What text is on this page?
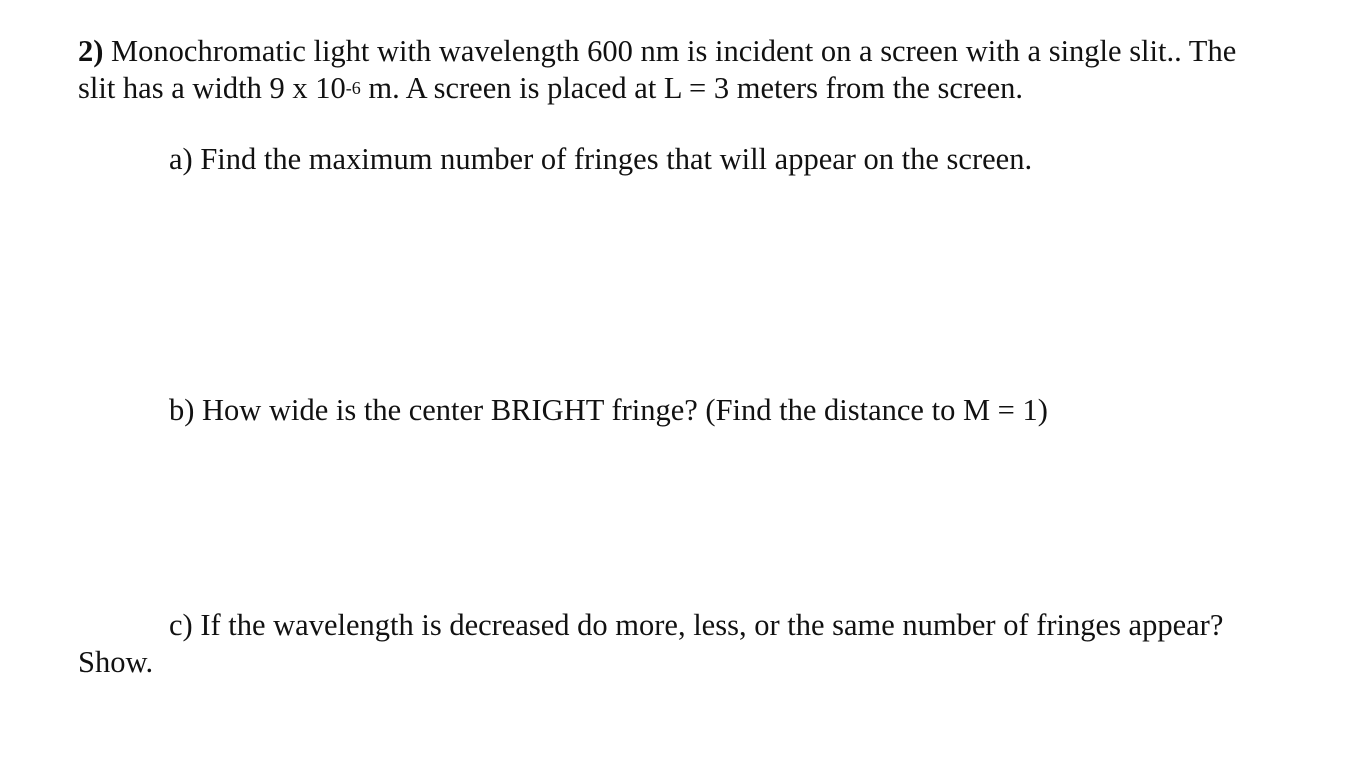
2) Monochromatic light with wavelength 600 nm is incident on a screen with a single slit.. The slit has a width 9 x $10^{-6}$ m. A screen is placed at L = 3 meters from the screen.
a) Find the maximum number of fringes that will appear on the screen.
b) How wide is the center BRIGHT fringe? (Find the distance to M = 1)
c) If the wavelength is decreased do more, less, or the same number of fringes appear?
Show.
